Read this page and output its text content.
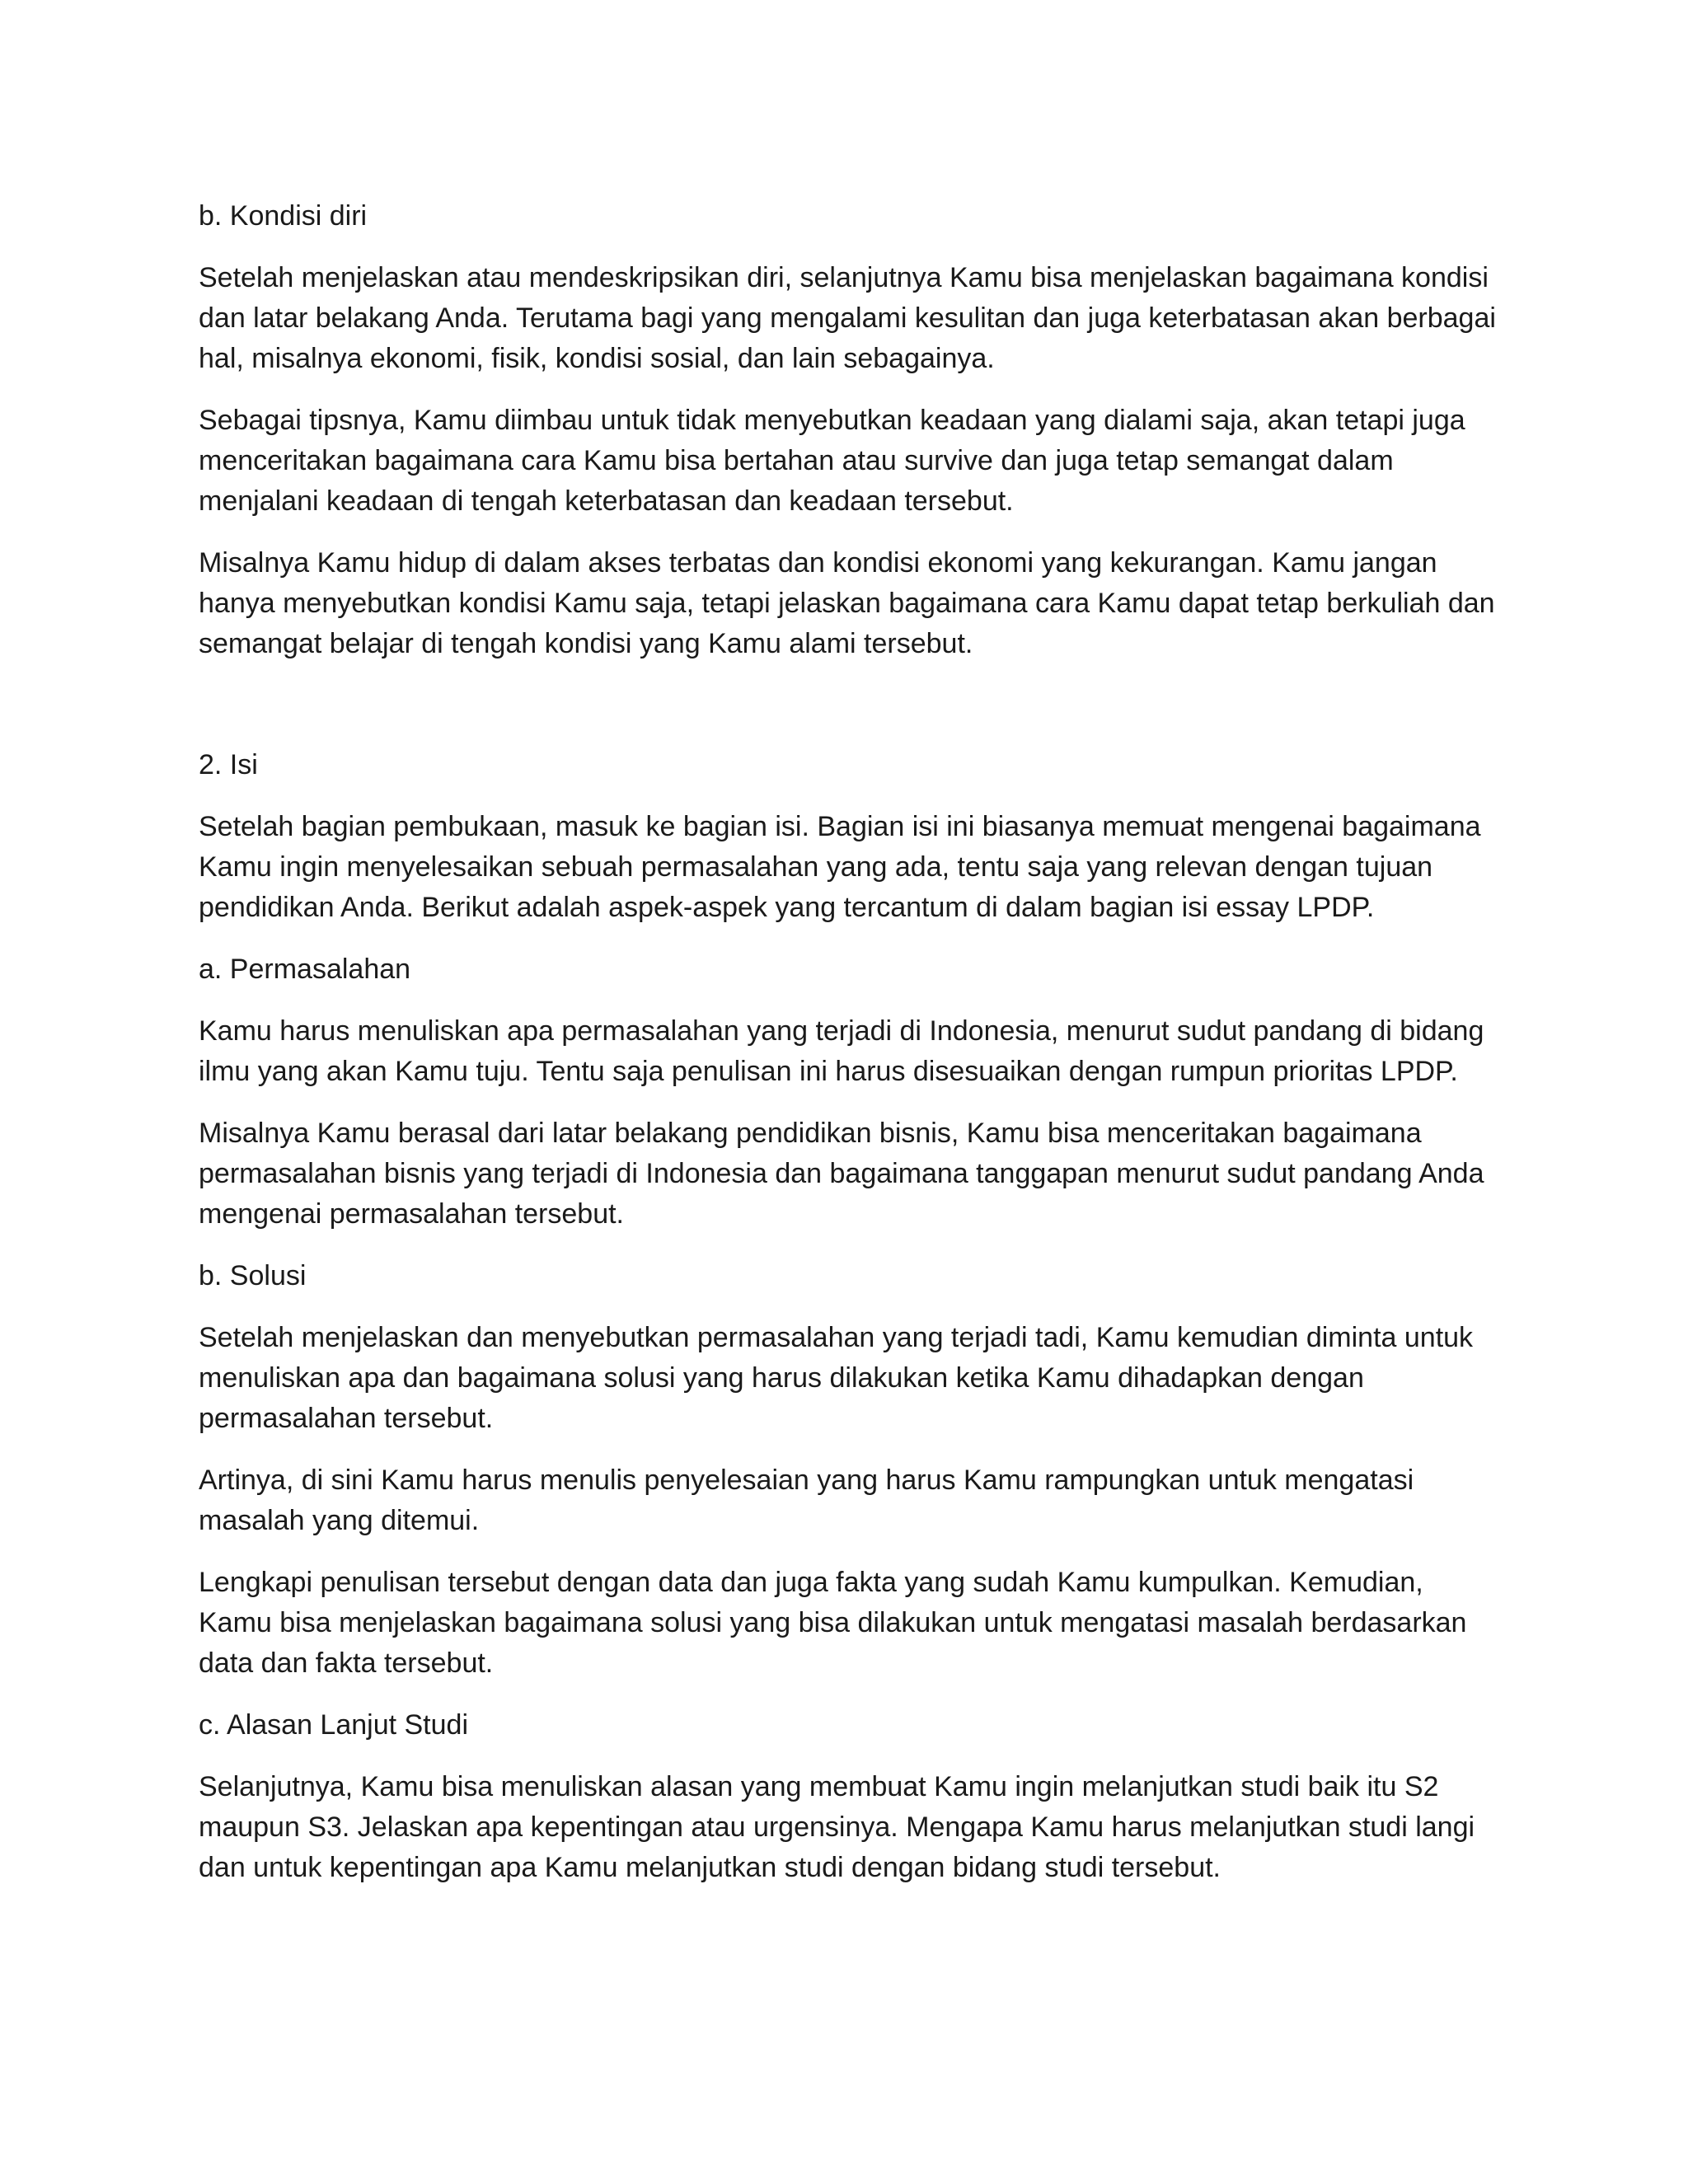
b. Kondisi diri

Setelah menjelaskan atau mendeskripsikan diri, selanjutnya Kamu bisa menjelaskan bagaimana kondisi dan latar belakang Anda. Terutama bagi yang mengalami kesulitan dan juga keterbatasan akan berbagai hal, misalnya ekonomi, fisik, kondisi sosial, dan lain sebagainya.

Sebagai tipsnya, Kamu diimbau untuk tidak menyebutkan keadaan yang dialami saja, akan tetapi juga menceritakan bagaimana cara Kamu bisa bertahan atau survive dan juga tetap semangat dalam menjalani keadaan di tengah keterbatasan dan keadaan tersebut.

Misalnya Kamu hidup di dalam akses terbatas dan kondisi ekonomi yang kekurangan. Kamu jangan hanya menyebutkan kondisi Kamu saja, tetapi jelaskan bagaimana cara Kamu dapat tetap berkuliah dan semangat belajar di tengah kondisi yang Kamu alami tersebut.

2. Isi

Setelah bagian pembukaan, masuk ke bagian isi. Bagian isi ini biasanya memuat mengenai bagaimana Kamu ingin menyelesaikan sebuah permasalahan yang ada, tentu saja yang relevan dengan tujuan pendidikan Anda. Berikut adalah aspek-aspek yang tercantum di dalam bagian isi essay LPDP.

a. Permasalahan

Kamu harus menuliskan apa permasalahan yang terjadi di Indonesia, menurut sudut pandang di bidang ilmu yang akan Kamu tuju. Tentu saja penulisan ini harus disesuaikan dengan rumpun prioritas LPDP.

Misalnya Kamu berasal dari latar belakang pendidikan bisnis, Kamu bisa menceritakan bagaimana permasalahan bisnis yang terjadi di Indonesia dan bagaimana tanggapan menurut sudut pandang Anda mengenai permasalahan tersebut.

b. Solusi

Setelah menjelaskan dan menyebutkan permasalahan yang terjadi tadi, Kamu kemudian diminta untuk menuliskan apa dan bagaimana solusi yang harus dilakukan ketika Kamu dihadapkan dengan permasalahan tersebut.

Artinya, di sini Kamu harus menulis penyelesaian yang harus Kamu rampungkan untuk mengatasi masalah yang ditemui.

Lengkapi penulisan tersebut dengan data dan juga fakta yang sudah Kamu kumpulkan. Kemudian, Kamu bisa menjelaskan bagaimana solusi yang bisa dilakukan untuk mengatasi masalah berdasarkan data dan fakta tersebut.

c. Alasan Lanjut Studi

Selanjutnya, Kamu bisa menuliskan alasan yang membuat Kamu ingin melanjutkan studi baik itu S2 maupun S3. Jelaskan apa kepentingan atau urgensinya. Mengapa Kamu harus melanjutkan studi langi dan untuk kepentingan apa Kamu melanjutkan studi dengan bidang studi tersebut.
